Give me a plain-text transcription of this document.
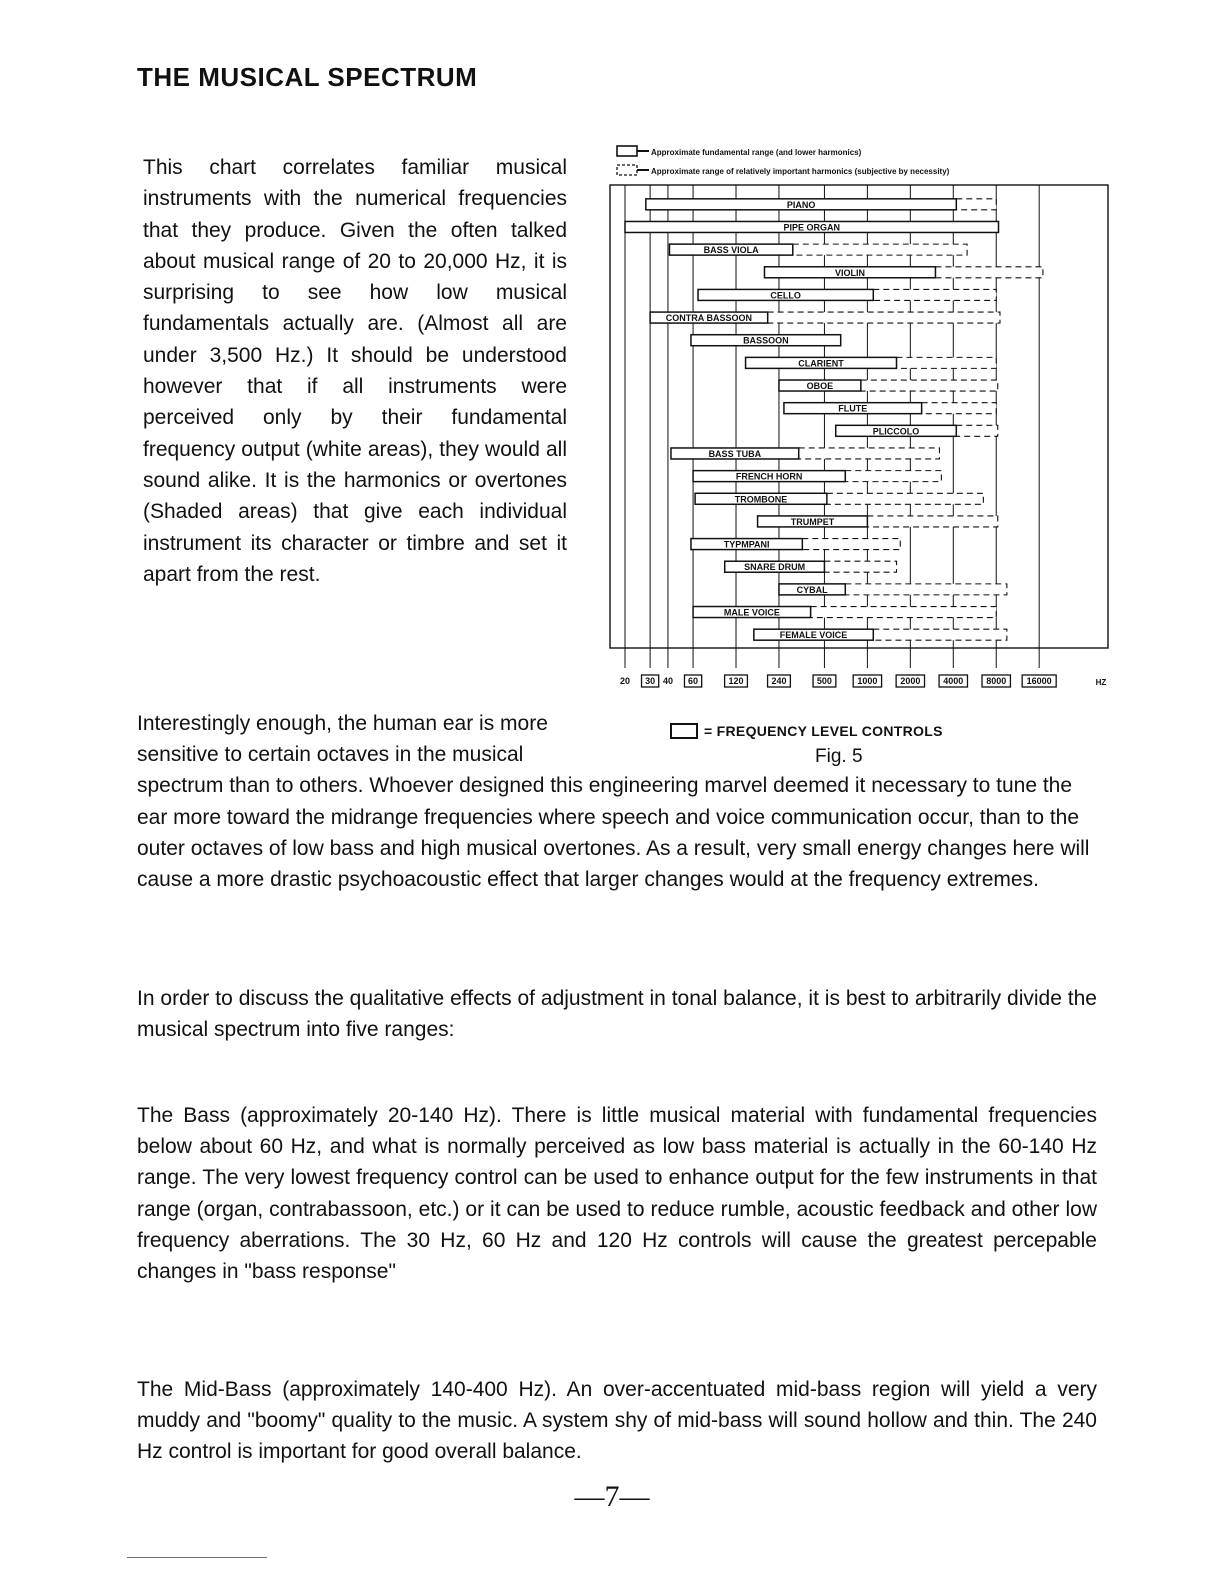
THE MUSICAL SPECTRUM

This chart correlates familiar musical instruments with the numerical frequencies that they produce. Given the often talked about musical range of 20 to 20,000 Hz, it is surprising to see how low musical fundamentals actually are. (Almost all are under 3,500 Hz.) It should be understood however that if all instruments were perceived only by their fundamental frequency output (white areas), they would all sound alike. It is the harmonics or overtones (Shaded areas) that give each individual instrument its character or timbre and set it apart from the rest.

Approximate fundamental range (and lower harmonics)
Approximate range of relatively important harmonics (subjective by necessity)
PIANO
PIPE ORGAN
BASS VIOLA
VIOLIN
CELLO
CONTRA BASSOON
BASSOON
CLARIENT
OBOE
FLUTE
PLICCOLO
BASS TUBA
FRENCH HORN
TROMBONE
TRUMPET
TYPMPANI
SNARE DRUM
CYBAL
MALE VOICE
FEMALE VOICE
20 30 40 60	120	240	500	1000	2000	4000	8000 16000	HZ
= FREQUENCY LEVEL CONTROLS
Fig. 5

Interestingly enough, the human ear is more sensitive to certain octaves in the musical spectrum than to others. Whoever designed this engineering marvel deemed it necessary to tune the ear more toward the midrange frequencies where speech and voice communication occur, than to the outer octaves of low bass and high musical overtones. As a result, very small energy changes here will cause a more drastic psychoacoustic effect that larger changes would at the frequency extremes.

In order to discuss the qualitative effects of adjustment in tonal balance, it is best to arbitrarily divide the musical spectrum into five ranges:

The Bass (approximately 20-140 Hz). There is little musical material with fundamental frequencies below about 60 Hz, and what is normally perceived as low bass material is actually in the 60-140 Hz range. The very lowest frequency control can be used to enhance output for the few instruments in that range (organ, contrabassoon, etc.) or it can be used to reduce rumble, acoustic feedback and other low frequency aberrations. The 30 Hz, 60 Hz and 120 Hz controls will cause the greatest percepable changes in "bass response"

The Mid-Bass (approximately 140-400 Hz). An over-accentuated mid-bass region will yield a very muddy and "boomy" quality to the music. A system shy of mid-bass will sound hollow and thin. The 240 Hz control is important for good overall balance.

—7—
